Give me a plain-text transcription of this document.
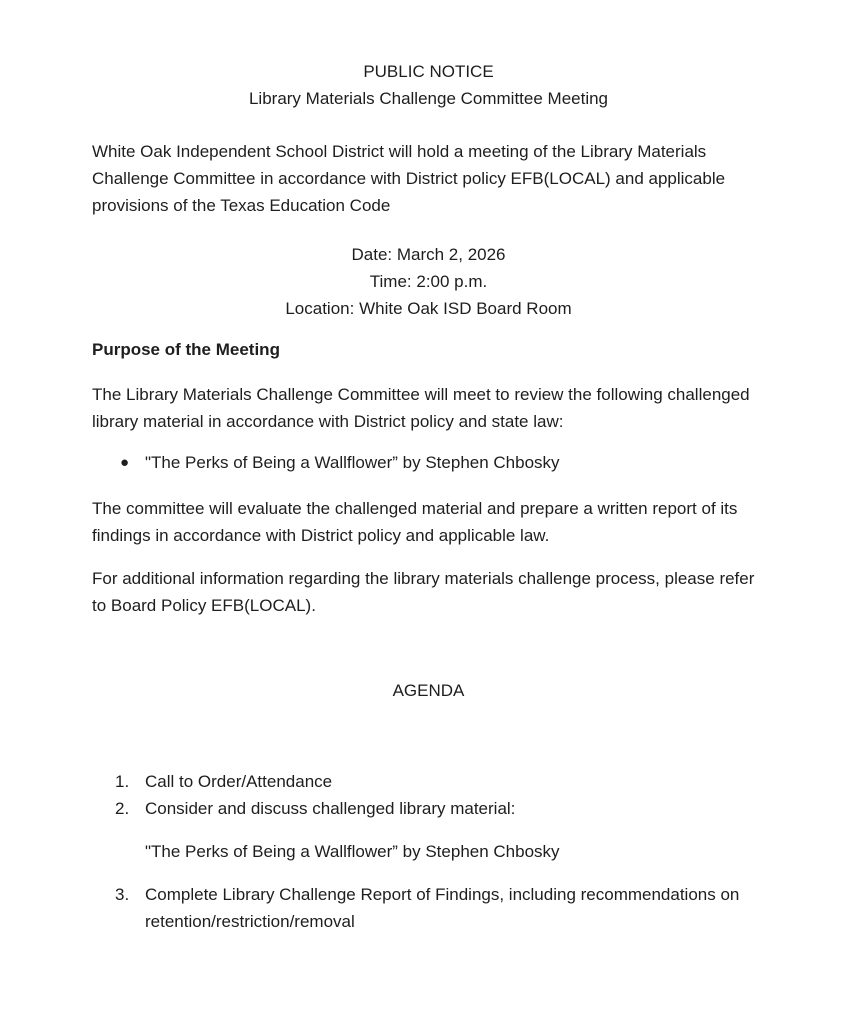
PUBLIC NOTICE
Library Materials Challenge Committee Meeting

White Oak Independent School District will hold a meeting of the Library Materials Challenge Committee in accordance with District policy EFB(LOCAL) and applicable provisions of the Texas Education Code

Date: March 2, 2026
Time: 2:00 p.m.
Location: White Oak ISD Board Room

Purpose of the Meeting

The Library Materials Challenge Committee will meet to review the following challenged library material in accordance with District policy and state law:

● "The Perks of Being a Wallflower” by Stephen Chbosky

The committee will evaluate the challenged material and prepare a written report of its findings in accordance with District policy and applicable law.

For additional information regarding the library materials challenge process, please refer to Board Policy EFB(LOCAL).

AGENDA
1. Call to Order/Attendance
2. Consider and discuss challenged library material:
"The Perks of Being a Wallflower” by Stephen Chbosky
3. Complete Library Challenge Report of Findings, including recommendations on retention/restriction/removal
